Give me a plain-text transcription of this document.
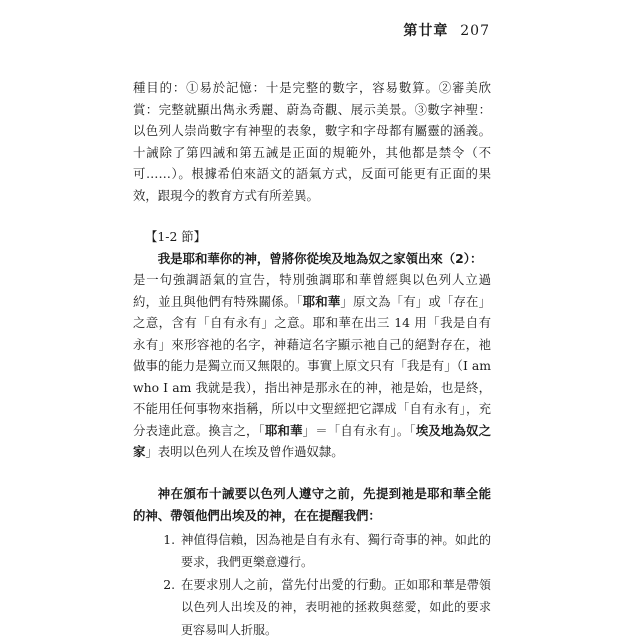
第廿章 207

種目的：①易於記憶：十是完整的數字，容易數算。②審美欣賞：完整就顯出雋永秀麗、蔚為奇觀、展示美景。③數字神聖：以色列人崇尚數字有神聖的表象，數字和字母都有屬靈的涵義。十誡除了第四誡和第五誡是正面的規範外，其他都是禁令（不可……）。根據希伯來語文的語氣方式，反面可能更有正面的果效，跟現今的教育方式有所差異。

【1-2 節】

我是耶和華你的神，曾將你從埃及地為奴之家領出來（2）：

是一句強調語氣的宣告，特別強調耶和華曾經與以色列人立過約，並且與他們有特殊關係。「耶和華」原文為「有」或「存在」之意，含有「自有永有」之意。耶和華在出三 14 用「我是自有永有」來形容祂的名字，神藉這名字顯示祂自己的絕對存在，祂做事的能力是獨立而又無限的。事實上原文只有「我是有」（I am who I am 我就是我），指出神是那永在的神，祂是始，也是終，不能用任何事物來指稱，所以中文聖經把它譯成「自有永有」，充分表達此意。換言之，「耶和華」＝「自有永有」。「埃及地為奴之家」表明以色列人在埃及曾作過奴隸。

神在頒布十誡要以色列人遵守之前，先提到祂是耶和華全能的神、帶領他們出埃及的神，在在提醒我們：

1. 神值得信賴，因為祂是自有永有、獨行奇事的神。如此的要求，我們更樂意遵行。
2. 在要求別人之前，當先付出愛的行動。正如耶和華是帶領以色列人出埃及的神，表明祂的拯救與慈愛，如此的要求更容易叫人折服。
